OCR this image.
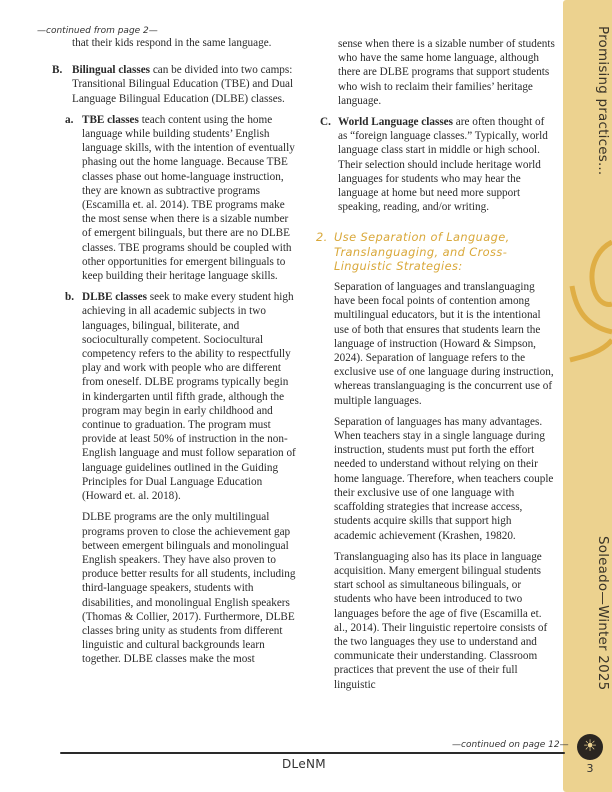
Promising practices...
Soleado—Winter 2025
☀
3
—continued from page 2—

that their kids respond in the same language.

B. Bilingual classes can be divided into two camps: Transitional Bilingual Education (TBE) and Dual Language Bilingual Education (DLBE) classes.
a. TBE classes teach content using the home language while building students’ English language skills, with the intention of eventually phasing out the home language. Because TBE classes phase out home-language instruction, they are known as subtractive programs (Escamilla et. al. 2014). TBE programs make the most sense when there is a sizable number of emergent bilinguals, but there are no DLBE classes. TBE programs should be coupled with other opportunities for emergent bilinguals to keep building their heritage language skills.
b. DLBE classes seek to make every student high achieving in all academic subjects in two languages, bilingual, biliterate, and socioculturally competent. Sociocultural competency refers to the ability to respectfully play and work with people who are different from oneself. DLBE programs typically begin in kindergarten until fifth grade, although the program may begin in early childhood and continue to graduation. The program must provide at least 50% of instruction in the non-English language and must follow separation of language guidelines outlined in the Guiding Principles for Dual Language Education (Howard et. al. 2018).

DLBE programs are the only multilingual programs proven to close the achievement gap between emergent bilinguals and monolingual English speakers. They have also proven to produce better results for all students, including third-language speakers, students with disabilities, and monolingual English speakers (Thomas & Collier, 2017). Furthermore, DLBE classes bring unity as students from different linguistic and cultural backgrounds learn together. DLBE classes make the most

sense when there is a sizable number of students who have the same home language, although there are DLBE programs that support students who wish to reclaim their families’ heritage language.

C. World Language classes are often thought of as “foreign language classes.” Typically, world language class start in middle or high school. Their selection should include heritage world languages for students who may hear the language at home but need more support speaking, reading, and/or writing.
2. Use Separation of Language, Translanguaging, and Cross-Linguistic Strategies:

Separation of languages and translanguaging have been focal points of contention among multilingual educators, but it is the intentional use of both that ensures that students learn the language of instruction (Howard & Simpson, 2024). Separation of language refers to the exclusive use of one language during instruction, whereas translanguaging is the concurrent use of multiple languages.

Separation of languages has many advantages. When teachers stay in a single language during instruction, students must put forth the effort needed to understand without relying on their home language. Therefore, when teachers couple their exclusive use of one language with scaffolding strategies that increase access, students acquire skills that support high academic achievement (Krashen, 19820.

Translanguaging also has its place in language acquisition. Many emergent bilingual students start school as simultaneous bilinguals, or students who have been introduced to two languages before the age of five (Escamilla et. al., 2014). Their linguistic repertoire consists of the two languages they use to understand and communicate their understanding. Classroom practices that prevent the use of their full linguistic

—continued on page 12—
DLeNM
